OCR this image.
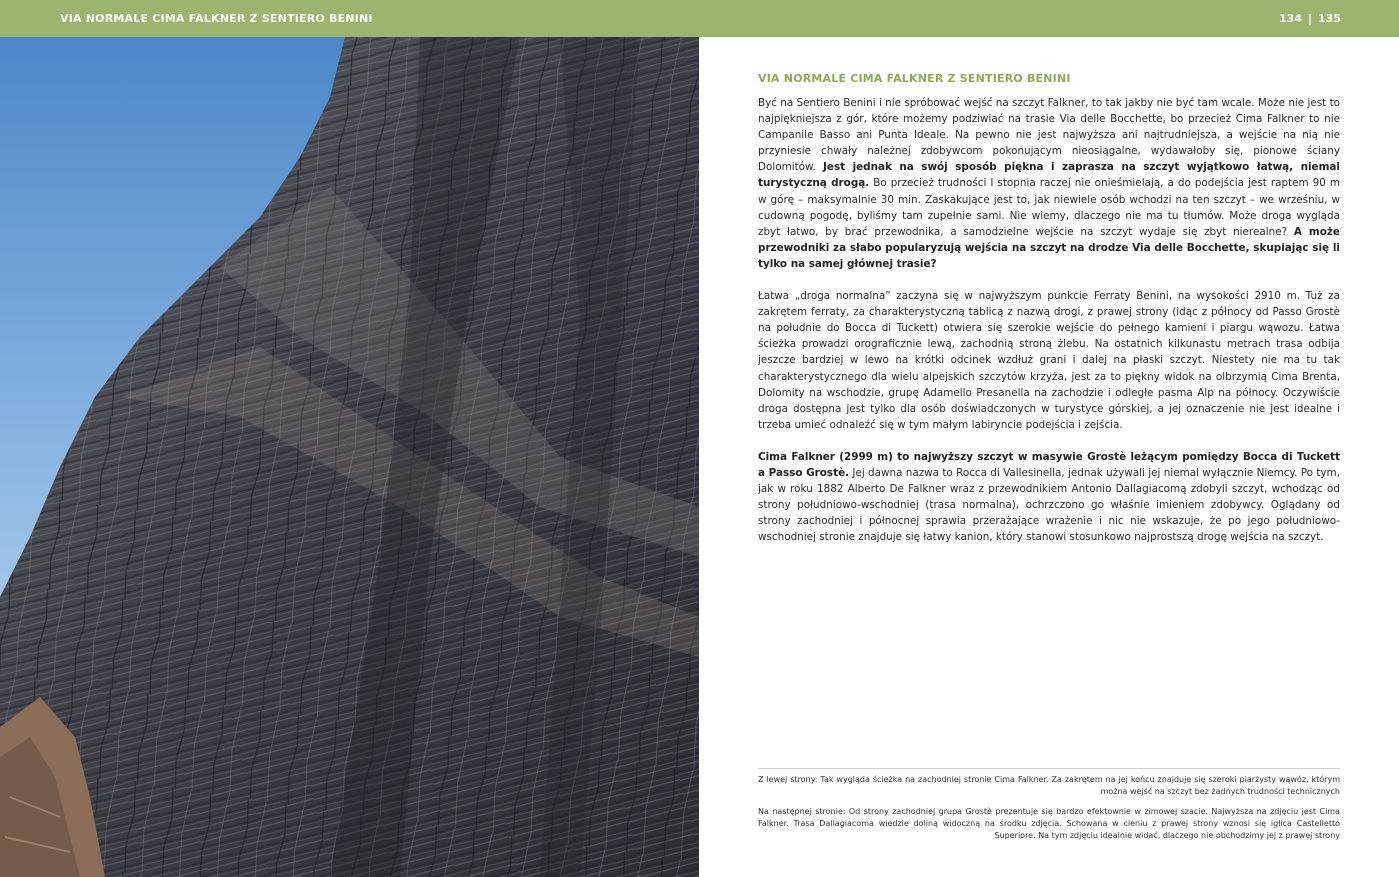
VIA NORMALE CIMA FALKNER Z SENTIERO BENINI	134 | 135
VIA NORMALE CIMA FALKNER Z SENTIERO BENINI

Być na Sentiero Benini i nie spróbować wejść na szczyt Falkner, to tak jakby nie być tam wcale. Może nie jest to najpiękniejsza z gór, które możemy podziwiać na trasie Via delle Bocchette, bo przecież Cima Falkner to nie Campanile Basso ani Punta Ideale. Na pewno nie jest najwyższa ani najtrudniejsza, a wejście na nią nie przyniesie chwały należnej zdobywcom pokonującym nieosiągalne, wydawałoby się, pionowe ściany Dolomitów. Jest jednak na swój sposób piękna i zaprasza na szczyt wyjątkowo łatwą, niemal turystyczną drogą. Bo przecież trudności I stopnia raczej nie onieśmielają, a do podejścia jest raptem 90 m w górę – maksymalnie 30 min. Zaskakujące jest to, jak niewiele osób wchodzi na ten szczyt – we wrześniu, w cudowną pogodę, byliśmy tam zupełnie sami. Nie wiemy, dlaczego nie ma tu tłumów. Może droga wygląda zbyt łatwo, by brać przewodnika, a samodzielne wejście na szczyt wydaje się zbyt nierealne? A może przewodniki za słabo popularyzują wejścia na szczyt na drodze Via delle Bocchette, skupiając się li tylko na samej głównej trasie?

Łatwa „droga normalna” zaczyna się w najwyższym punkcie Ferraty Benini, na wysokości 2910 m. Tuż za zakrętem ferraty, za charakterystyczną tablicą z nazwą drogi, z prawej strony (idąc z północy od Passo Grostè na południe do Bocca di Tuckett) otwiera się szerokie wejście do pełnego kamieni i piargu wąwozu. Łatwa ścieżka prowadzi orograficznie lewą, zachodnią stroną żlebu. Na ostatnich kilkunastu metrach trasa odbija jeszcze bardziej w lewo na krótki odcinek wzdłuż grani i dalej na płaski szczyt. Niestety nie ma tu tak charakterystycznego dla wielu alpejskich szczytów krzyża, jest za to piękny widok na olbrzymią Cima Brenta, Dolomity na wschodzie, grupę Adamello Presanella na zachodzie i odległe pasma Alp na północy. Oczywiście droga dostępna jest tylko dla osób doświadczonych w turystyce górskiej, a jej oznaczenie nie jest idealne i trzeba umieć odnaleźć się w tym małym labiryncie podejścia i zejścia.

Cima Falkner (2999 m) to najwyższy szczyt w masywie Grostè leżącym pomiędzy Bocca di Tuckett a Passo Grostè. Jej dawna nazwa to Rocca di Vallesinella, jednak używali jej niemal wyłącznie Niemcy. Po tym, jak w roku 1882 Alberto De Falkner wraz z przewodnikiem Antonio Dallagiacomą zdobyli szczyt, wchodząc od strony południowo-wschodniej (trasa normalna), ochrzczono go właśnie imieniem zdobywcy. Oglądany od strony zachodniej i północnej sprawia przerażające wrażenie i nic nie wskazuje, że po jego południowo-wschodniej stronie znajduje się łatwy kanion, który stanowi stosunkowo najprostszą drogę wejścia na szczyt.

Z lewej strony: Tak wygląda ścieżka na zachodniej stronie Cima Falkner. Za zakrętem na jej końcu znajduje się szeroki piarżysty wąwóz, którym można wejść na szczyt bez żadnych trudności technicznych

Na następnej stronie: Od strony zachodniej grupa Grostè prezentuje się bardzo efektownie w zimowej szacie. Najwyższa na zdjęciu jest Cima Falkner. Trasa Dallagiacoma wiedzie doliną widoczną na środku zdjęcia. Schowana w cieniu z prawej strony wznosi się iglica Castelletto Superiore. Na tym zdjęciu idealnie widać, dlaczego nie obchodzimy jej z prawej strony
